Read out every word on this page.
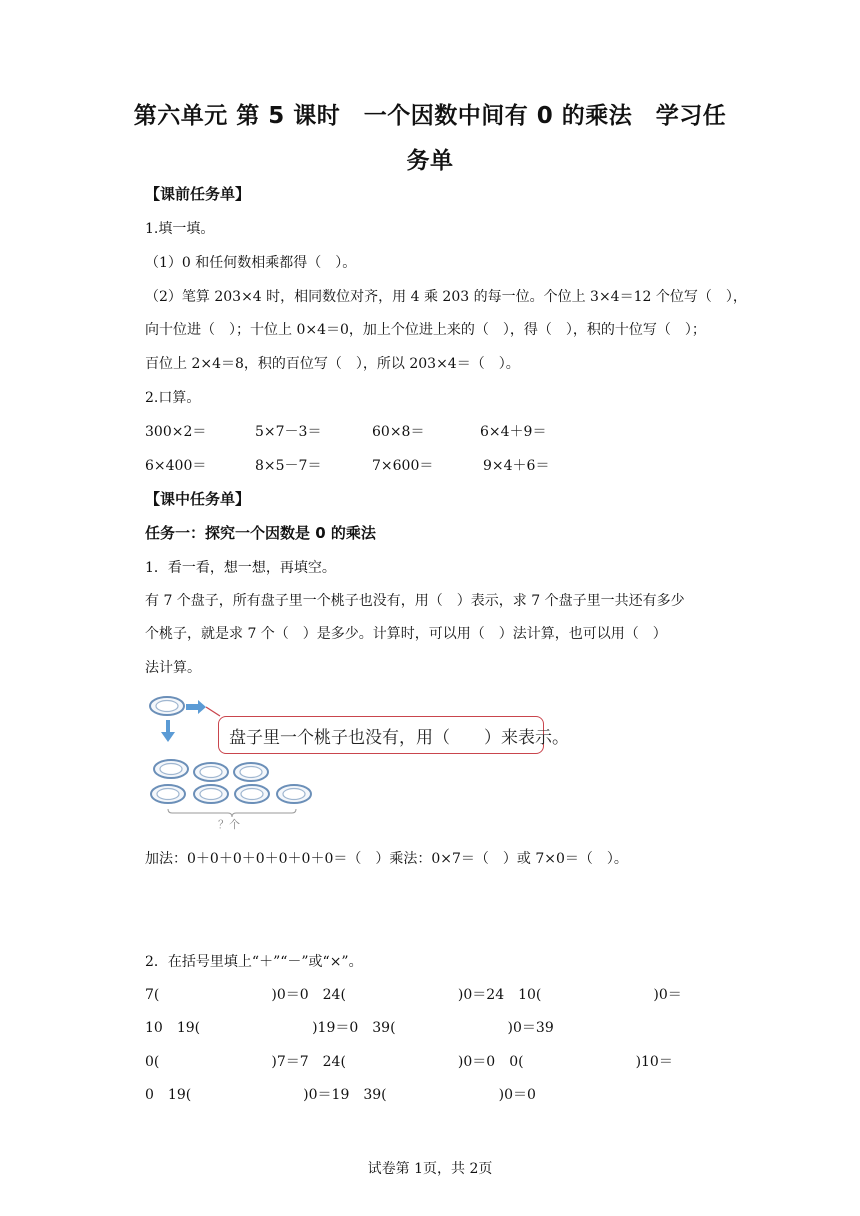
第六单元 第 5 课时　一个因数中间有 0 的乘法　学习任
务单
【课前任务单】
1.填一填。
（1）0 和任何数相乘都得（　）。
（2）笔算 203×4 时，相同数位对齐，用 4 乘 203 的每一位。个位上 3×4＝12 个位写（　），
向十位进（　）；十位上 0×4＝0，加上个位进上来的（　），得（　），积的十位写（　）；
百位上 2×4＝8，积的百位写（　），所以 203×4＝（　）。
2.口算。
300×2＝	5×7－3＝	60×8＝	6×4＋9＝
6×400＝	8×5－7＝	7×600＝	9×4＋6＝
【课中任务单】
任务一：探究一个因数是 0 的乘法
1．看一看，想一想，再填空。
有 7 个盘子，所有盘子里一个桃子也没有，用（　）表示，求 7 个盘子里一共还有多少
个桃子，就是求 7 个（　）是多少。计算时，可以用（　）法计算，也可以用（　）
法计算。
盘子里一个桃子也没有，用（　　）来表示。
？个
加法：0＋0＋0＋0＋0＋0＋0＝（　）乘法：0×7＝（　）或 7×0＝（　）。
2．在括号里填上“＋”“－”或“×”。
7(　　　　　　　　)0＝0　24(　　　　　　　　)0＝24　10(　　　　　　　　)0＝
10　19(　　　　　　　　)19＝0　39(　　　　　　　　)0＝39
0(　　　　　　　　)7＝7　24(　　　　　　　　)0＝0　0(　　　　　　　　)10＝
0　19(　　　　　　　　)0＝19　39(　　　　　　　　)0＝0
试卷第 1页，共 2页
